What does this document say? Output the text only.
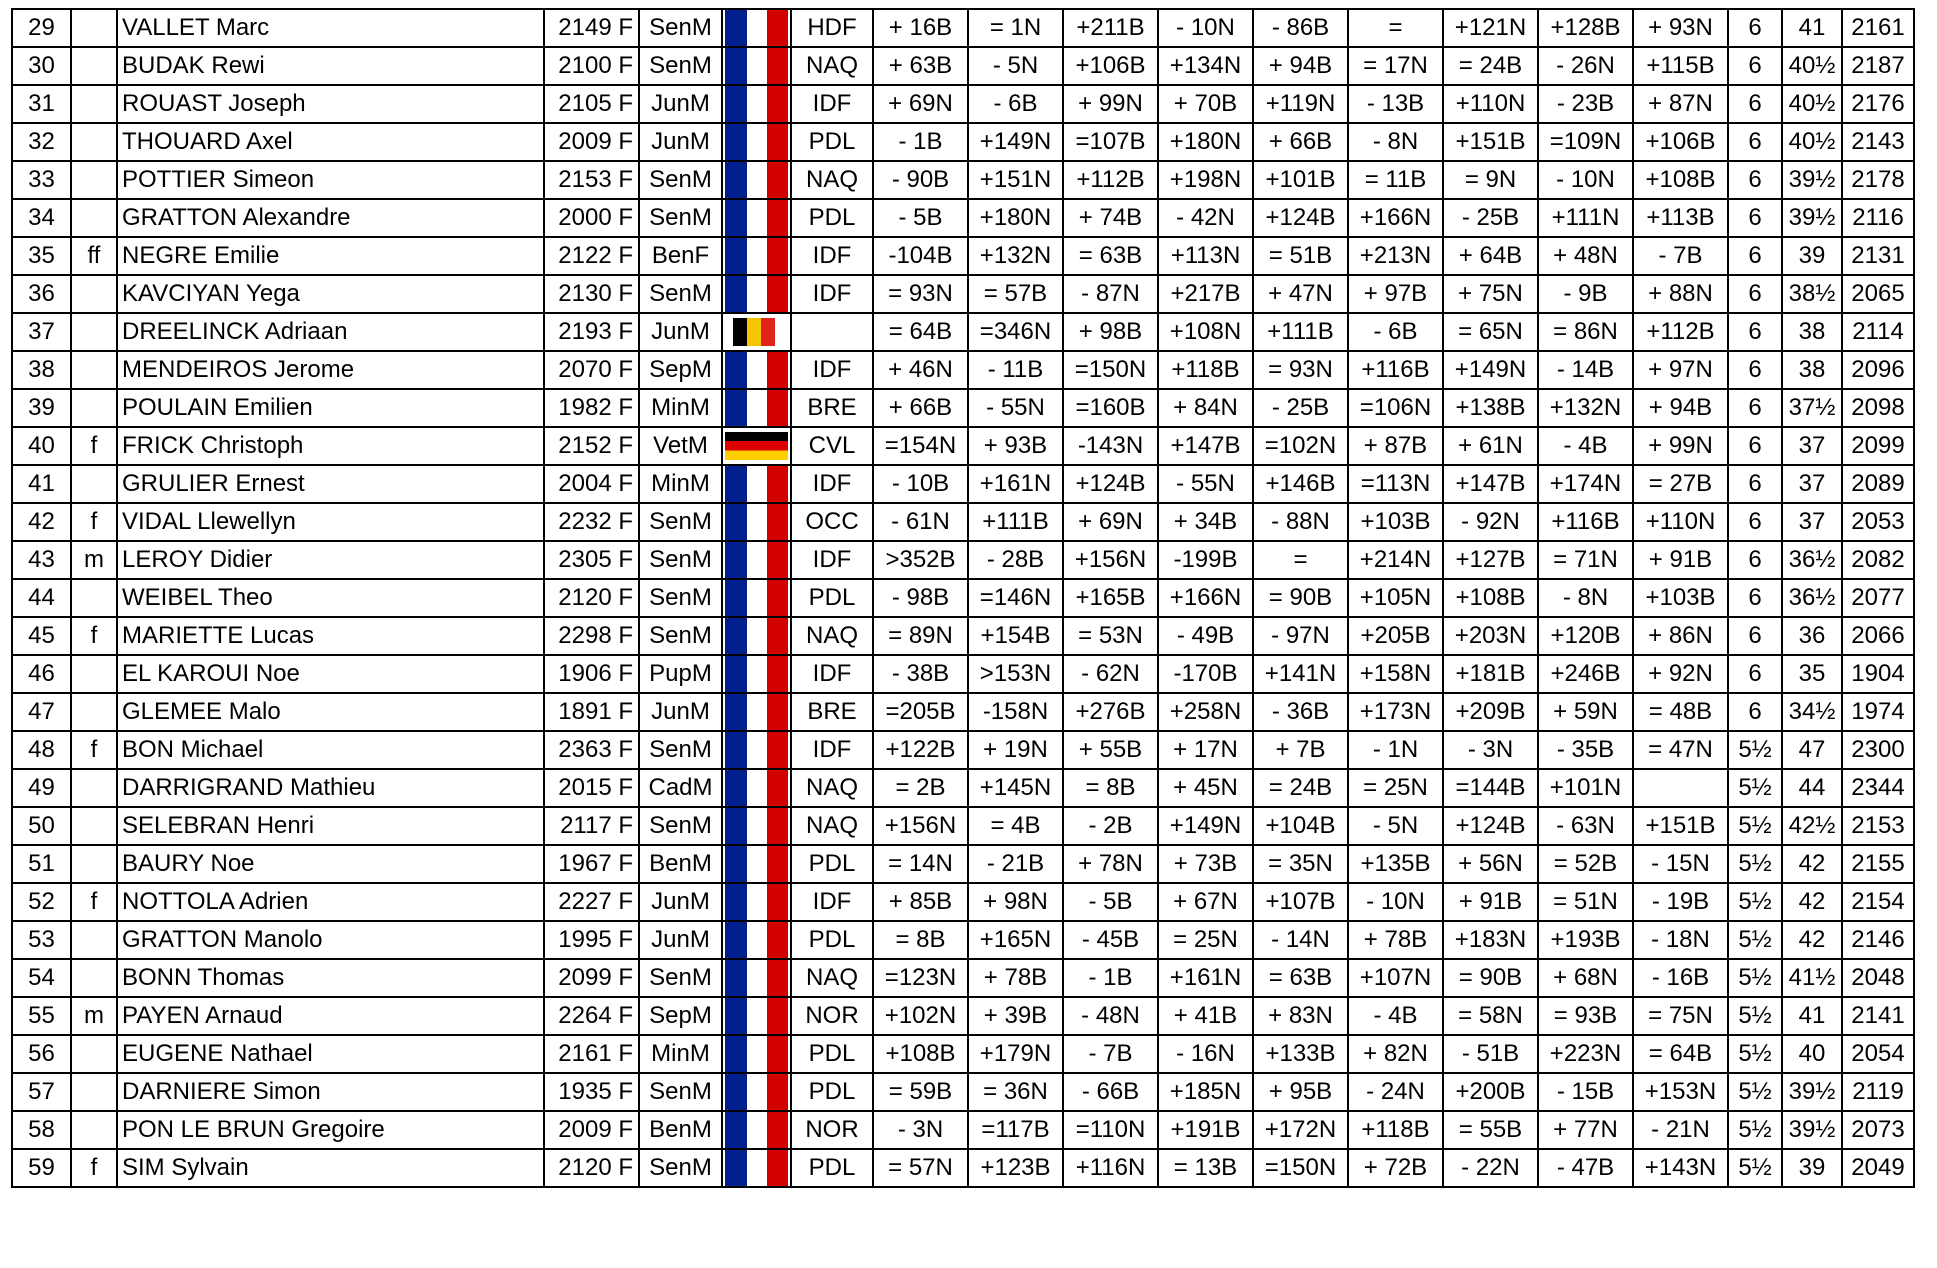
29		VALLET Marc	2149 F	SenM		HDF	+ 16B	= 1N	+211B	- 10N	- 86B	=	+121N	+128B	+ 93N	6	41	2161
30		BUDAK Rewi	2100 F	SenM		NAQ	+ 63B	- 5N	+106B	+134N	+ 94B	= 17N	= 24B	- 26N	+115B	6	40½	2187
31		ROUAST Joseph	2105 F	JunM		IDF	+ 69N	- 6B	+ 99N	+ 70B	+119N	- 13B	+110N	- 23B	+ 87N	6	40½	2176
32		THOUARD Axel	2009 F	JunM		PDL	- 1B	+149N	=107B	+180N	+ 66B	- 8N	+151B	=109N	+106B	6	40½	2143
33		POTTIER Simeon	2153 F	SenM		NAQ	- 90B	+151N	+112B	+198N	+101B	= 11B	= 9N	- 10N	+108B	6	39½	2178
34		GRATTON Alexandre	2000 F	SenM		PDL	- 5B	+180N	+ 74B	- 42N	+124B	+166N	- 25B	+111N	+113B	6	39½	2116
35	ff	NEGRE Emilie	2122 F	BenF		IDF	-104B	+132N	= 63B	+113N	= 51B	+213N	+ 64B	+ 48N	- 7B	6	39	2131
36		KAVCIYAN Yega	2130 F	SenM		IDF	= 93N	= 57B	- 87N	+217B	+ 47N	+ 97B	+ 75N	- 9B	+ 88N	6	38½	2065
37		DREELINCK Adriaan	2193 F	JunM			= 64B	=346N	+ 98B	+108N	+111B	- 6B	= 65N	= 86N	+112B	6	38	2114
38		MENDEIROS Jerome	2070 F	SepM		IDF	+ 46N	- 11B	=150N	+118B	= 93N	+116B	+149N	- 14B	+ 97N	6	38	2096
39		POULAIN Emilien	1982 F	MinM		BRE	+ 66B	- 55N	=160B	+ 84N	- 25B	=106N	+138B	+132N	+ 94B	6	37½	2098
40	f	FRICK Christoph	2152 F	VetM		CVL	=154N	+ 93B	-143N	+147B	=102N	+ 87B	+ 61N	- 4B	+ 99N	6	37	2099
41		GRULIER Ernest	2004 F	MinM		IDF	- 10B	+161N	+124B	- 55N	+146B	=113N	+147B	+174N	= 27B	6	37	2089
42	f	VIDAL Llewellyn	2232 F	SenM		OCC	- 61N	+111B	+ 69N	+ 34B	- 88N	+103B	- 92N	+116B	+110N	6	37	2053
43	m	LEROY Didier	2305 F	SenM		IDF	>352B	- 28B	+156N	-199B	=	+214N	+127B	= 71N	+ 91B	6	36½	2082
44		WEIBEL Theo	2120 F	SenM		PDL	- 98B	=146N	+165B	+166N	= 90B	+105N	+108B	- 8N	+103B	6	36½	2077
45	f	MARIETTE Lucas	2298 F	SenM		NAQ	= 89N	+154B	= 53N	- 49B	- 97N	+205B	+203N	+120B	+ 86N	6	36	2066
46		EL KAROUI Noe	1906 F	PupM		IDF	- 38B	>153N	- 62N	-170B	+141N	+158N	+181B	+246B	+ 92N	6	35	1904
47		GLEMEE Malo	1891 F	JunM		BRE	=205B	-158N	+276B	+258N	- 36B	+173N	+209B	+ 59N	= 48B	6	34½	1974
48	f	BON Michael	2363 F	SenM		IDF	+122B	+ 19N	+ 55B	+ 17N	+ 7B	- 1N	- 3N	- 35B	= 47N	5½	47	2300
49		DARRIGRAND Mathieu	2015 F	CadM		NAQ	= 2B	+145N	= 8B	+ 45N	= 24B	= 25N	=144B	+101N		5½	44	2344
50		SELEBRAN Henri	2117 F	SenM		NAQ	+156N	= 4B	- 2B	+149N	+104B	- 5N	+124B	- 63N	+151B	5½	42½	2153
51		BAURY Noe	1967 F	BenM		PDL	= 14N	- 21B	+ 78N	+ 73B	= 35N	+135B	+ 56N	= 52B	- 15N	5½	42	2155
52	f	NOTTOLA Adrien	2227 F	JunM		IDF	+ 85B	+ 98N	- 5B	+ 67N	+107B	- 10N	+ 91B	= 51N	- 19B	5½	42	2154
53		GRATTON Manolo	1995 F	JunM		PDL	= 8B	+165N	- 45B	= 25N	- 14N	+ 78B	+183N	+193B	- 18N	5½	42	2146
54		BONN Thomas	2099 F	SenM		NAQ	=123N	+ 78B	- 1B	+161N	= 63B	+107N	= 90B	+ 68N	- 16B	5½	41½	2048
55	m	PAYEN Arnaud	2264 F	SepM		NOR	+102N	+ 39B	- 48N	+ 41B	+ 83N	- 4B	= 58N	= 93B	= 75N	5½	41	2141
56		EUGENE Nathael	2161 F	MinM		PDL	+108B	+179N	- 7B	- 16N	+133B	+ 82N	- 51B	+223N	= 64B	5½	40	2054
57		DARNIERE Simon	1935 F	SenM		PDL	= 59B	= 36N	- 66B	+185N	+ 95B	- 24N	+200B	- 15B	+153N	5½	39½	2119
58		PON LE BRUN Gregoire	2009 F	BenM		NOR	- 3N	=117B	=110N	+191B	+172N	+118B	= 55B	+ 77N	- 21N	5½	39½	2073
59	f	SIM Sylvain	2120 F	SenM		PDL	= 57N	+123B	+116N	= 13B	=150N	+ 72B	- 22N	- 47B	+143N	5½	39	2049
